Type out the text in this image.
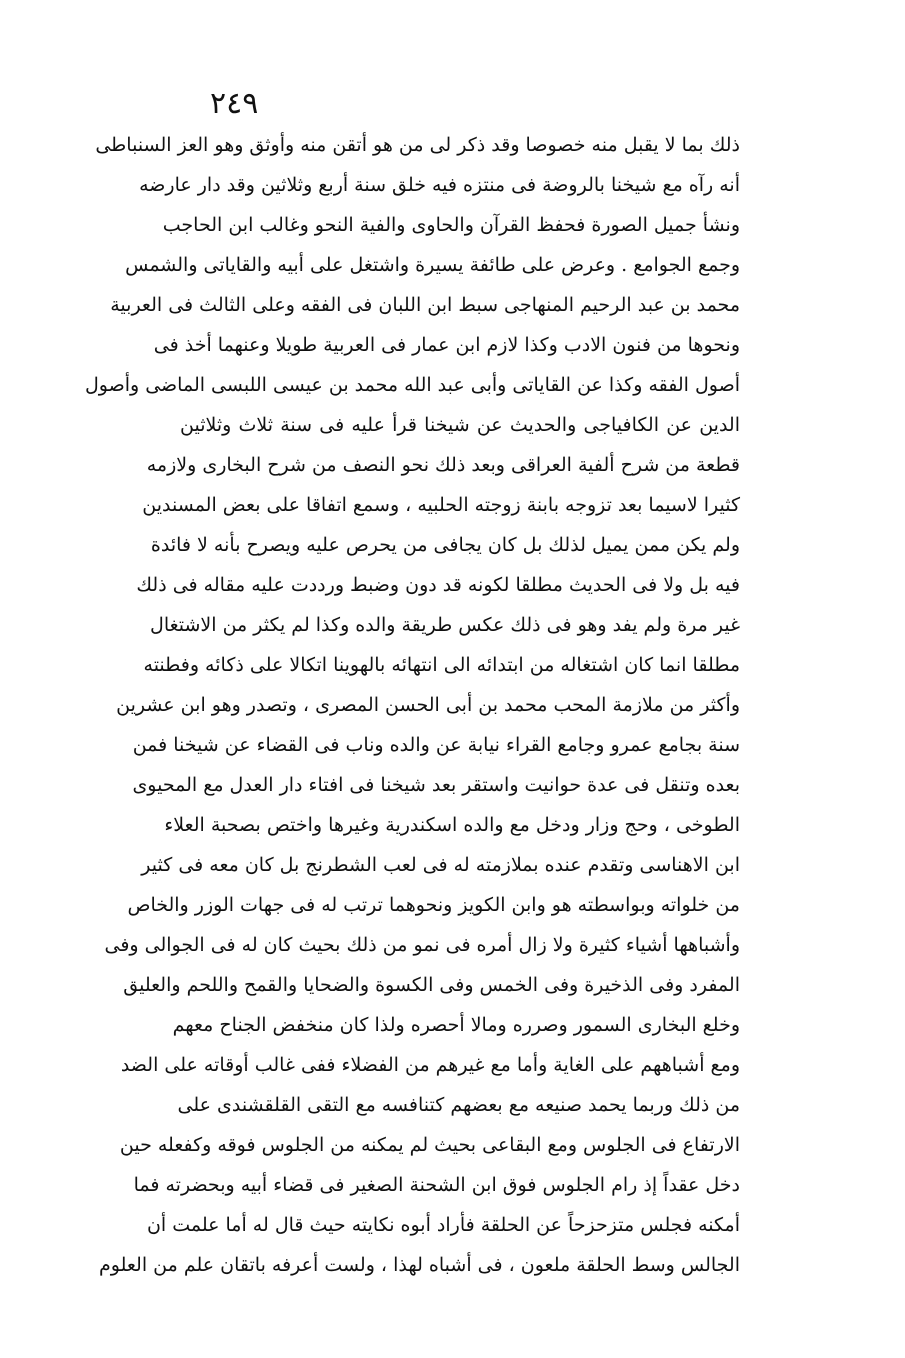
٢٤٩
ذلك بما لا يقبل منه خصوصا وقد ذكر لى من هو أتقن منه وأوثق وهو العز السنباطى
أنه رآه مع شيخنا بالروضة فى منتزه فيه خلق سنة أربع وثلاثين وقد دار عارضه
ونشأ جميل الصورة فحفظ القرآن والحاوى والفية النحو وغالب ابن الحاجب
وجمع الجوامع . وعرض على طائفة يسيرة واشتغل على أبيه والقاياتى والشمس
محمد بن عبد الرحيم المنهاجى سبط ابن اللبان فى الفقه وعلى الثالث فى العربية
ونحوها من فنون الادب وكذا لازم ابن عمار فى العربية طويلا وعنهما أخذ فى
أصول الفقه وكذا عن القاياتى وأبى عبد الله محمد بن عيسى اللبسى الماضى وأصول
الدين عن الكافياجى والحديث عن شيخنا قرأ عليه فى سنة ثلاث وثلاثين
قطعة من شرح ألفية العراقى وبعد ذلك نحو النصف من شرح البخارى ولازمه
كثيرا لاسيما بعد تزوجه بابنة زوجته الحلبيه ، وسمع اتفاقا على بعض المسندين
ولم يكن ممن يميل لذلك بل كان يجافى من يحرص عليه ويصرح بأنه لا فائدة
فيه بل ولا فى الحديث مطلقا لكونه قد دون وضبط ورددت عليه مقاله فى ذلك
غير مرة ولم يفد وهو فى ذلك عكس طريقة والده وكذا لم يكثر من الاشتغال
مطلقا انما كان اشتغاله من ابتدائه الى انتهائه بالهوينا اتكالا على ذكائه وفطنته
وأكثر من ملازمة المحب محمد بن أبى الحسن المصرى ، وتصدر وهو ابن عشرين
سنة بجامع عمرو وجامع القراء نيابة عن والده وناب فى القضاء عن شيخنا فمن
بعده وتنقل فى عدة حوانيت واستقر بعد شيخنا فى افتاء دار العدل مع المحيوى
الطوخى ، وحج وزار ودخل مع والده اسكندرية وغيرها واختص بصحبة العلاء
ابن الاهناسى وتقدم عنده بملازمته له فى لعب الشطرنج بل كان معه فى كثير
من خلواته وبواسطته هو وابن الكويز ونحوهما ترتب له فى جهات الوزر والخاص
وأشباهها أشياء كثيرة ولا زال أمره فى نمو من ذلك بحيث كان له فى الجوالى وفى
المفرد وفى الذخيرة وفى الخمس وفى الكسوة والضحايا والقمح واللحم والعليق
وخلع البخارى السمور وصرره ومالا أحصره ولذا كان منخفض الجناح معهم
ومع أشباههم على الغاية وأما مع غيرهم من الفضلاء ففى غالب أوقاته على الضد
من ذلك وربما يحمد صنيعه مع بعضهم كتنافسه مع التقى القلقشندى على
الارتفاع فى الجلوس ومع البقاعى بحيث لم يمكنه من الجلوس فوقه وكفعله حين
دخل عقداً إذ رام الجلوس فوق ابن الشحنة الصغير فى قضاء أبيه وبحضرته فما
أمكنه فجلس متزحزحاً عن الحلقة فأراد أبوه نكايته حيث قال له أما علمت أن
الجالس وسط الحلقة ملعون ، فى أشباه لهذا ، ولست أعرفه باتقان علم من العلوم
